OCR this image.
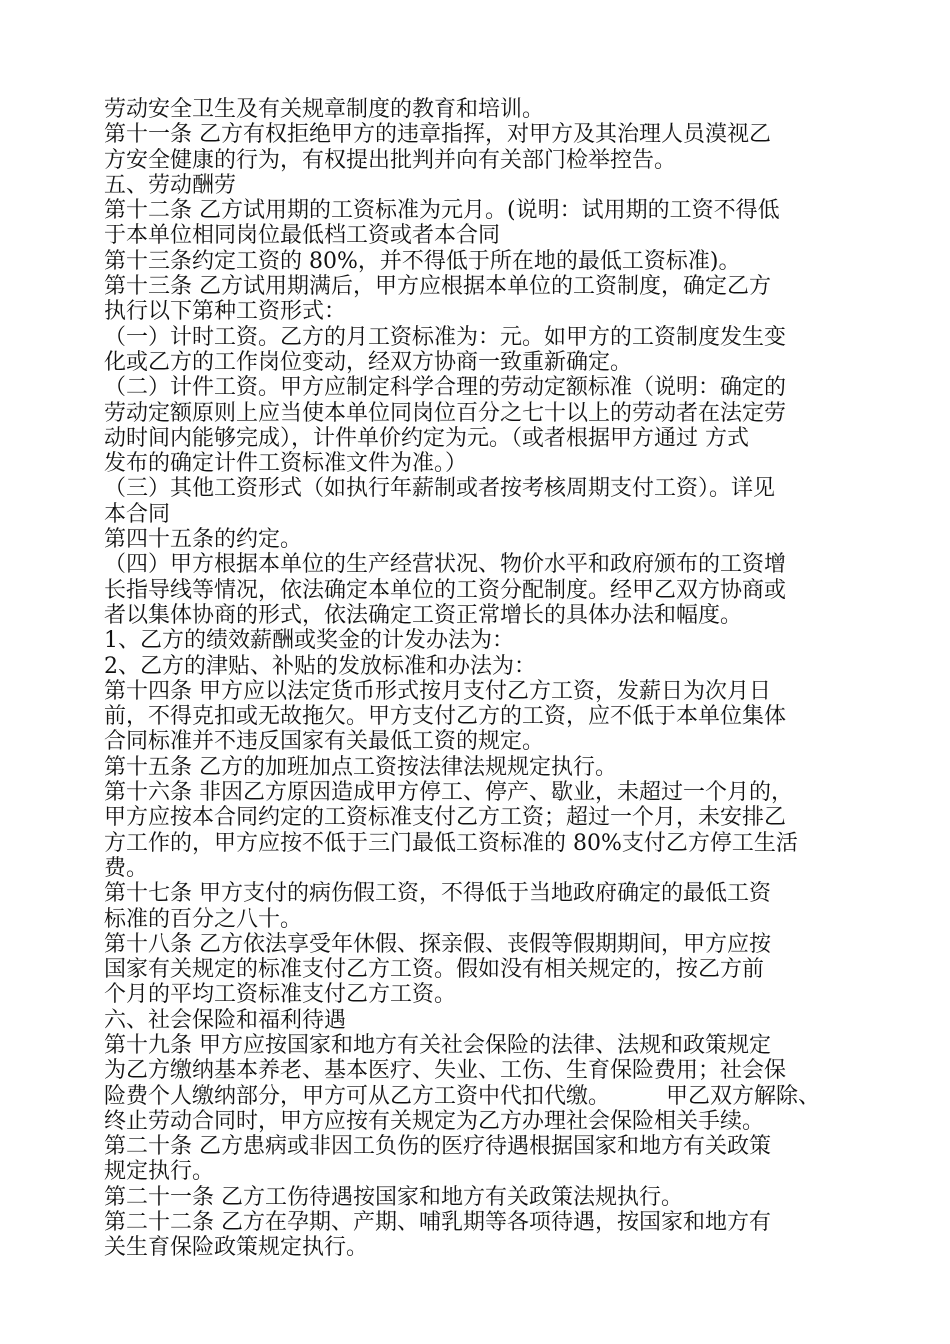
劳动安全卫生及有关规章制度的教育和培训。
第十一条 乙方有权拒绝甲方的违章指挥，对甲方及其治理人员漠视乙
方安全健康的行为，有权提出批判并向有关部门检举控告。
五、劳动酬劳
第十二条 乙方试用期的工资标准为元月。(说明：试用期的工资不得低
于本单位相同岗位最低档工资或者本合同
第十三条约定工资的 80%，并不得低于所在地的最低工资标准)。
第十三条 乙方试用期满后，甲方应根据本单位的工资制度，确定乙方
执行以下第种工资形式：
（一）计时工资。乙方的月工资标准为：元。如甲方的工资制度发生变
化或乙方的工作岗位变动，经双方协商一致重新确定。
（二）计件工资。甲方应制定科学合理的劳动定额标准（说明：确定的
劳动定额原则上应当使本单位同岗位百分之七十以上的劳动者在法定劳
动时间内能够完成），计件单价约定为元。（或者根据甲方通过 方式
发布的确定计件工资标准文件为准。）
（三）其他工资形式（如执行年薪制或者按考核周期支付工资）。详见
本合同
第四十五条的约定。
（四）甲方根据本单位的生产经营状况、物价水平和政府颁布的工资增
长指导线等情况，依法确定本单位的工资分配制度。经甲乙双方协商或
者以集体协商的形式，依法确定工资正常增长的具体办法和幅度。
1、乙方的绩效薪酬或奖金的计发办法为：
2、乙方的津贴、补贴的发放标准和办法为：
第十四条 甲方应以法定货币形式按月支付乙方工资，发薪日为次月日
前，不得克扣或无故拖欠。甲方支付乙方的工资，应不低于本单位集体
合同标准并不违反国家有关最低工资的规定。
第十五条 乙方的加班加点工资按法律法规规定执行。
第十六条 非因乙方原因造成甲方停工、停产、歇业，未超过一个月的，
甲方应按本合同约定的工资标准支付乙方工资；超过一个月，未安排乙
方工作的，甲方应按不低于三门最低工资标准的 80%支付乙方停工生活
费。
第十七条 甲方支付的病伤假工资，不得低于当地政府确定的最低工资
标准的百分之八十。
第十八条 乙方依法享受年休假、探亲假、丧假等假期期间，甲方应按
国家有关规定的标准支付乙方工资。假如没有相关规定的，按乙方前
个月的平均工资标准支付乙方工资。
六、社会保险和福利待遇
第十九条 甲方应按国家和地方有关社会保险的法律、法规和政策规定
为乙方缴纳基本养老、基本医疗、失业、工伤、生育保险费用；社会保
险费个人缴纳部分，甲方可从乙方工资中代扣代缴。        甲乙双方解除、
终止劳动合同时，甲方应按有关规定为乙方办理社会保险相关手续。
第二十条 乙方患病或非因工负伤的医疗待遇根据国家和地方有关政策
规定执行。
第二十一条 乙方工伤待遇按国家和地方有关政策法规执行。
第二十二条 乙方在孕期、产期、哺乳期等各项待遇，按国家和地方有
关生育保险政策规定执行。
